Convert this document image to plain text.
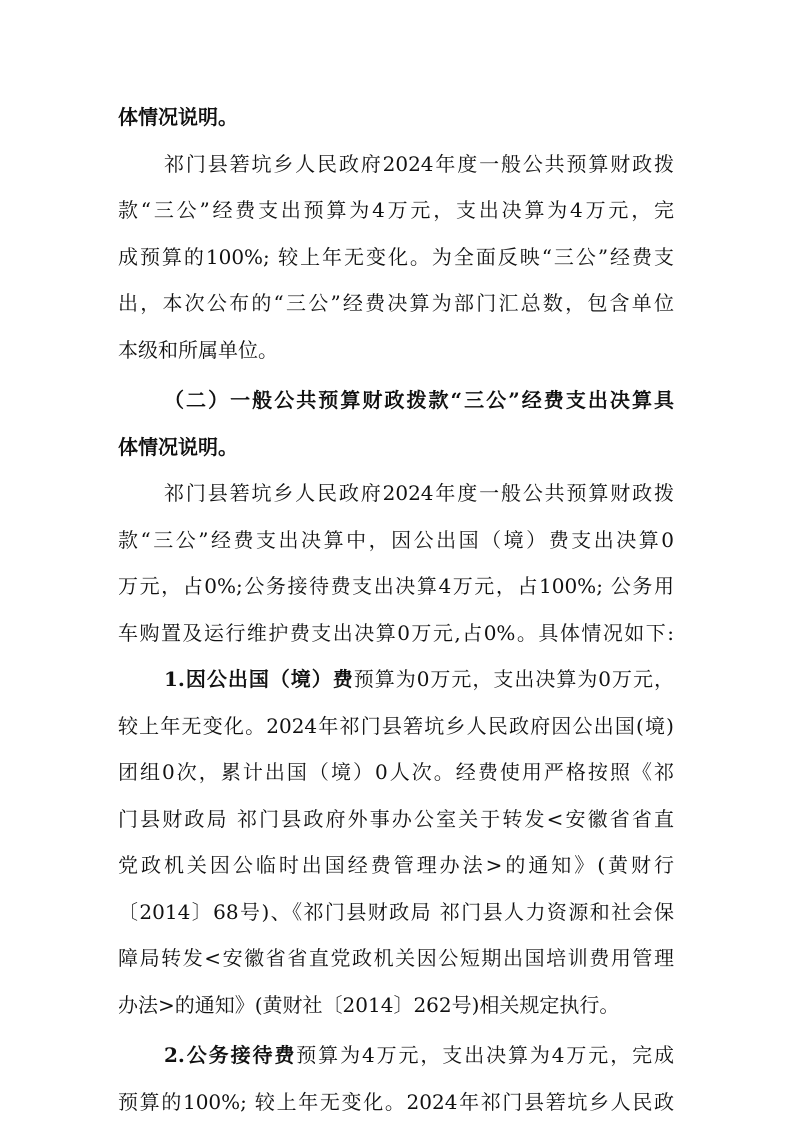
体情况说明。
祁门县箬坑乡人民政府2024年度一般公共预算财政拨
款“三公”经费支出预算为4万元，支出决算为4万元，完
成预算的100%; 较上年无变化。为全面反映“三公”经费支
出，本次公布的“三公”经费决算为部门汇总数，包含单位
本级和所属单位。
（二）一般公共预算财政拨款“三公”经费支出决算具
体情况说明。
祁门县箬坑乡人民政府2024年度一般公共预算财政拨
款“三公”经费支出决算中，因公出国（境）费支出决算0
万元，占0%;公务接待费支出决算4万元，占100%; 公务用
车购置及运行维护费支出决算0万元,占0%。具体情况如下:
1.因公出国（境）费预算为0万元，支出决算为0万元，
较上年无变化。2024年祁门县箬坑乡人民政府因公出国(境)
团组0次，累计出国（境）0人次。经费使用严格按照《祁
门县财政局 祁门县政府外事办公室关于转发<安徽省省直
党政机关因公临时出国经费管理办法>的通知》(黄财行
〔2014〕68号)、《祁门县财政局 祁门县人力资源和社会保
障局转发<安徽省省直党政机关因公短期出国培训费用管理
办法>的通知》(黄财社〔2014〕262号)相关规定执行。
2.公务接待费预算为4万元，支出决算为4万元，完成
预算的100%; 较上年无变化。2024年祁门县箬坑乡人民政
